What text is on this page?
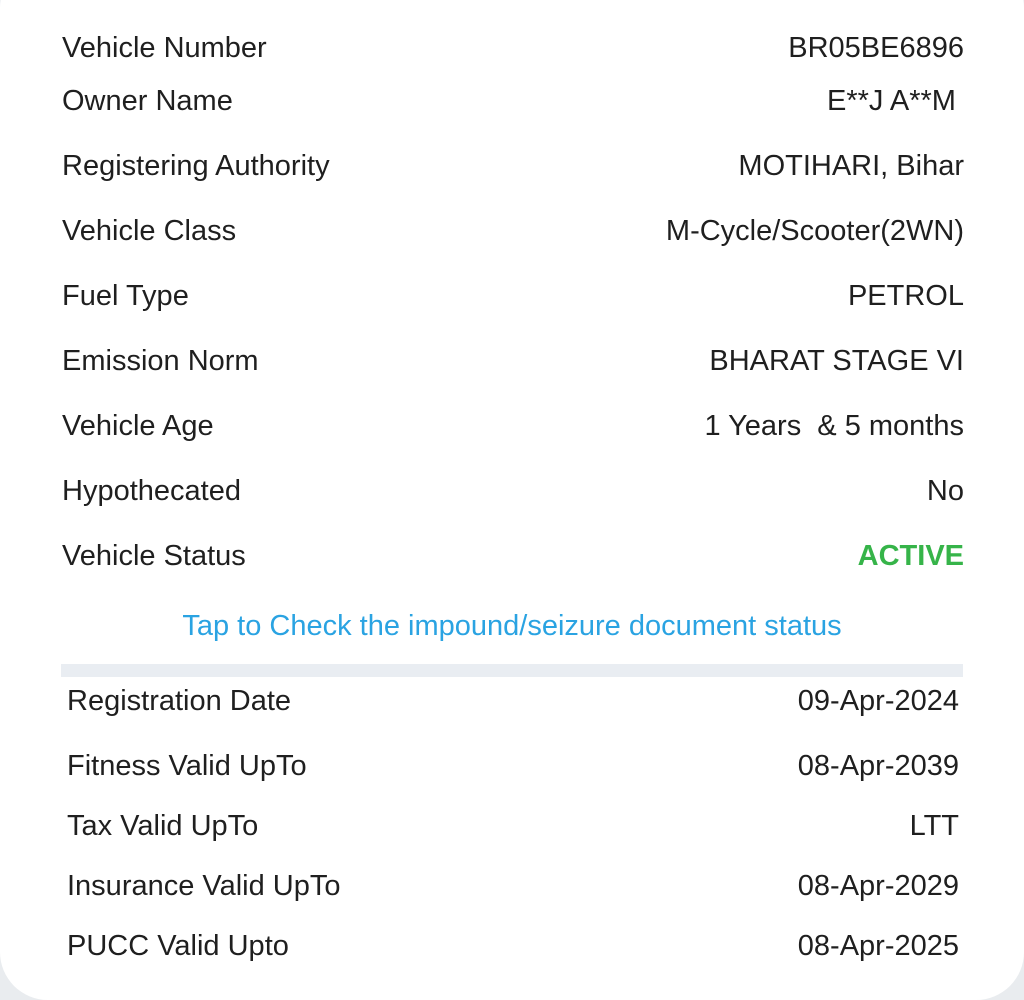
Vehicle Number	BR05BE6896
Owner Name	E**J A**M
Registering Authority	MOTIHARI, Bihar
Vehicle Class	M-Cycle/Scooter(2WN)
Fuel Type	PETROL
Emission Norm	BHARAT STAGE VI
Vehicle Age	1 Years  & 5 months
Hypothecated	No
Vehicle Status	ACTIVE
Tap to Check the impound/seizure document status
Registration Date	09-Apr-2024
Fitness Valid UpTo	08-Apr-2039
Tax Valid UpTo	LTT
Insurance Valid UpTo	08-Apr-2029
PUCC Valid Upto	08-Apr-2025
